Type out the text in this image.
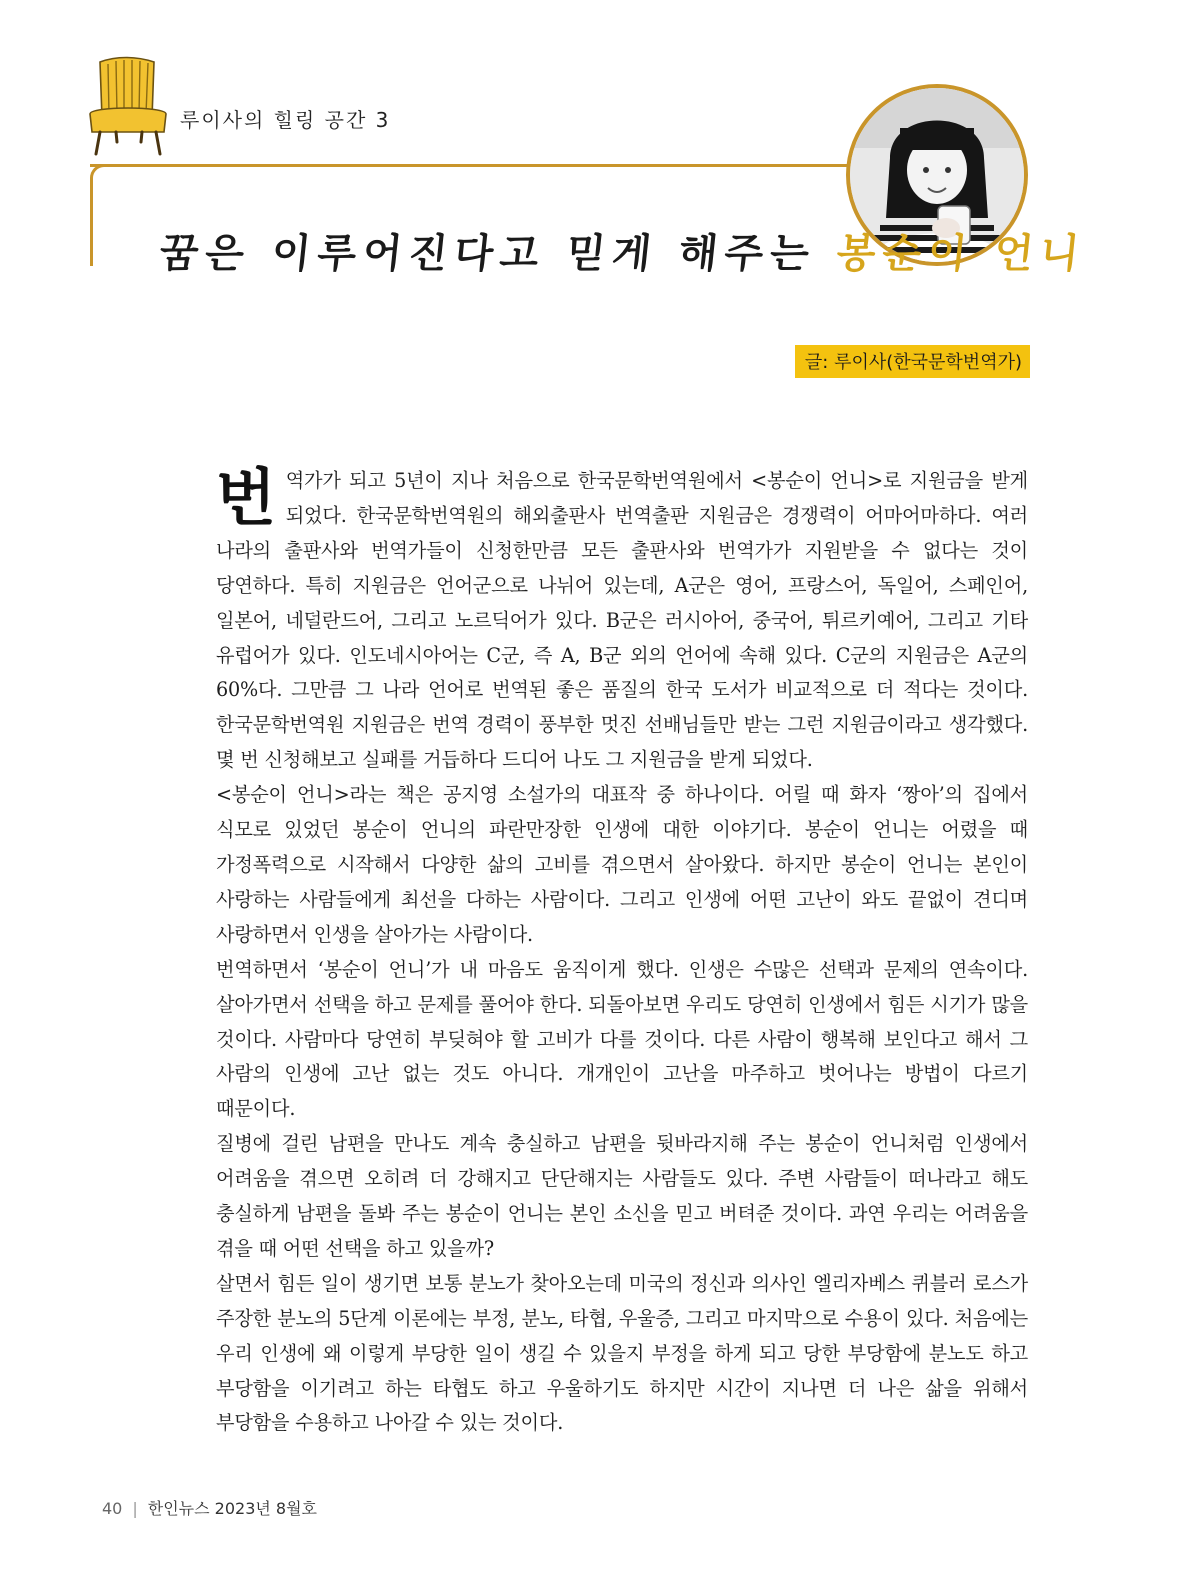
루이사의 힐링 공간 3
꿈은 이루어진다고 믿게 해주는 봉순이 언니
글: 루이사(한국문학번역가)

번역가가 되고 5년이 지나 처음으로 한국문학번역원에서 <봉순이 언니>로 지원금을 받게 되었다. 한국문학번역원의 해외출판사 번역출판 지원금은 경쟁력이 어마어마하다. 여러 나라의 출판사와 번역가들이 신청한만큼 모든 출판사와 번역가가 지원받을 수 없다는 것이 당연하다. 특히 지원금은 언어군으로 나뉘어 있는데, A군은 영어, 프랑스어, 독일어, 스페인어, 일본어, 네덜란드어, 그리고 노르딕어가 있다. B군은 러시아어, 중국어, 튀르키예어, 그리고 기타 유럽어가 있다. 인도네시아어는 C군, 즉 A, B군 외의 언어에 속해 있다. C군의 지원금은 A군의 60%다. 그만큼 그 나라 언어로 번역된 좋은 품질의 한국 도서가 비교적으로 더 적다는 것이다. 한국문학번역원 지원금은 번역 경력이 풍부한 멋진 선배님들만 받는 그런 지원금이라고 생각했다. 몇 번 신청해보고 실패를 거듭하다 드디어 나도 그 지원금을 받게 되었다.

<봉순이 언니>라는 책은 공지영 소설가의 대표작 중 하나이다. 어릴 때 화자 ‘짱아’의 집에서 식모로 있었던 봉순이 언니의 파란만장한 인생에 대한 이야기다. 봉순이 언니는 어렸을 때 가정폭력으로 시작해서 다양한 삶의 고비를 겪으면서 살아왔다. 하지만 봉순이 언니는 본인이 사랑하는 사람들에게 최선을 다하는 사람이다. 그리고 인생에 어떤 고난이 와도 끝없이 견디며 사랑하면서 인생을 살아가는 사람이다.

번역하면서 ‘봉순이 언니’가 내 마음도 움직이게 했다. 인생은 수많은 선택과 문제의 연속이다. 살아가면서 선택을 하고 문제를 풀어야 한다. 되돌아보면 우리도 당연히 인생에서 힘든 시기가 많을 것이다. 사람마다 당연히 부딪혀야 할 고비가 다를 것이다. 다른 사람이 행복해 보인다고 해서 그 사람의 인생에 고난 없는 것도 아니다. 개개인이 고난을 마주하고 벗어나는 방법이 다르기 때문이다.

질병에 걸린 남편을 만나도 계속 충실하고 남편을 뒷바라지해 주는 봉순이 언니처럼 인생에서 어려움을 겪으면 오히려 더 강해지고 단단해지는 사람들도 있다. 주변 사람들이 떠나라고 해도 충실하게 남편을 돌봐 주는 봉순이 언니는 본인 소신을 믿고 버텨준 것이다. 과연 우리는 어려움을 겪을 때 어떤 선택을 하고 있을까?

살면서 힘든 일이 생기면 보통 분노가 찾아오는데 미국의 정신과 의사인 엘리자베스 퀴블러 로스가 주장한 분노의 5단계 이론에는 부정, 분노, 타협, 우울증, 그리고 마지막으로 수용이 있다. 처음에는 우리 인생에 왜 이렇게 부당한 일이 생길 수 있을지 부정을 하게 되고 당한 부당함에 분노도 하고 부당함을 이기려고 하는 타협도 하고 우울하기도 하지만 시간이 지나면 더 나은 삶을 위해서 부당함을 수용하고 나아갈 수 있는 것이다.

40 | 한인뉴스 2023년 8월호
